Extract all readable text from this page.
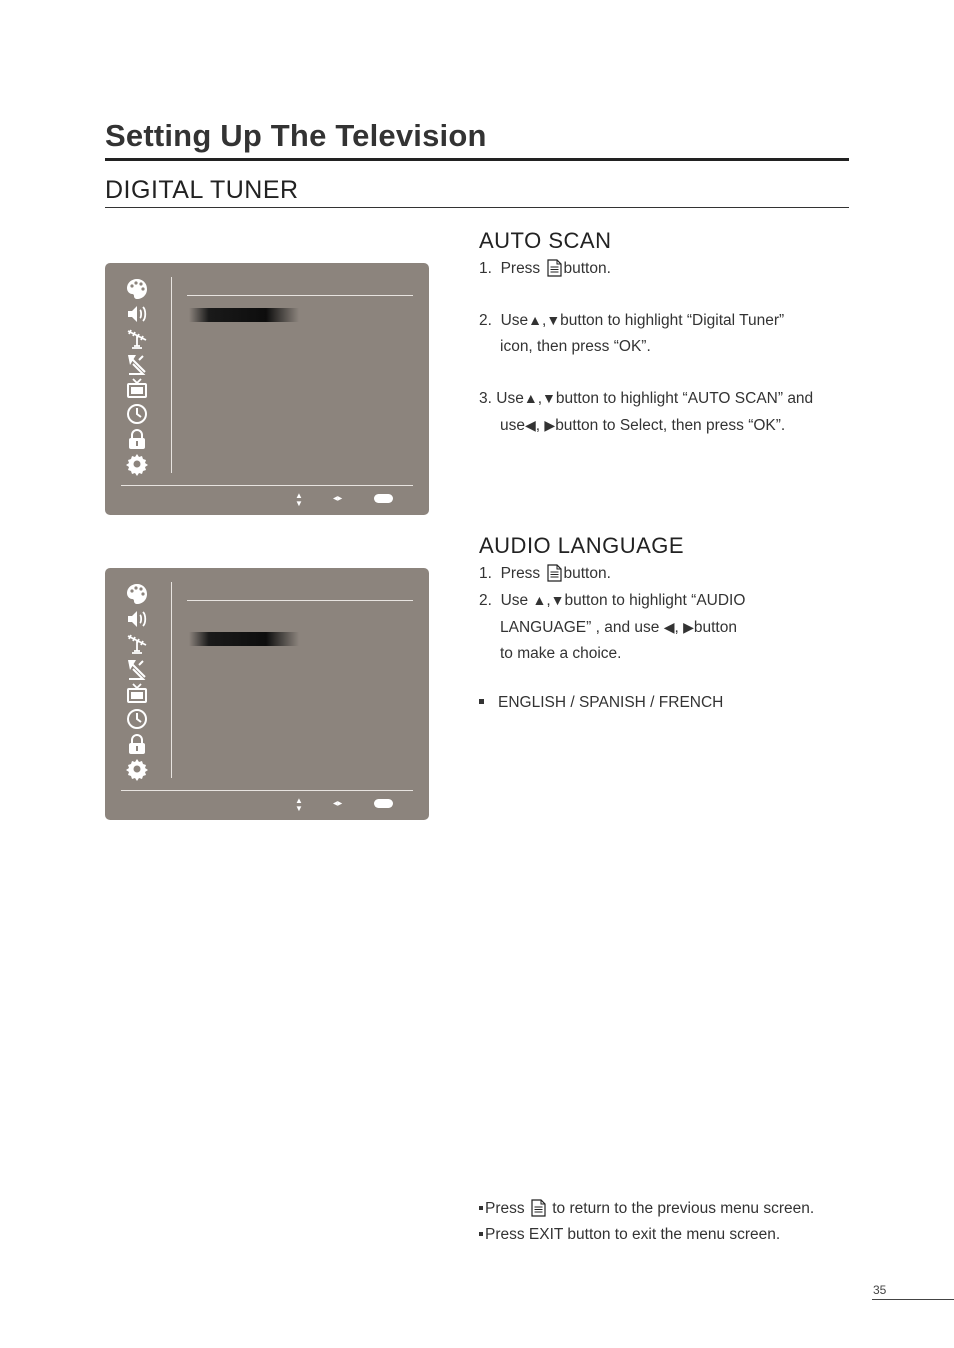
Setting Up The Television
DIGITAL TUNER
▲
▼	◀▶
▲
▼	◀▶
AUTO SCAN
1. Press button.
2. Use▲,▼button to highlight “Digital Tuner”
icon, then press “OK”.
3. Use▲,▼button to highlight “AUTO SCAN” and
use◀, ▶button to Select, then press “OK”.
AUDIO LANGUAGE
1. Press button.
2. Use ▲,▼button to highlight “AUDIO
LANGUAGE” , and use ◀, ▶button
to make a choice.
ENGLISH / SPANISH / FRENCH
Press to return to the previous menu screen.
Press EXIT button to exit the menu screen.
35
